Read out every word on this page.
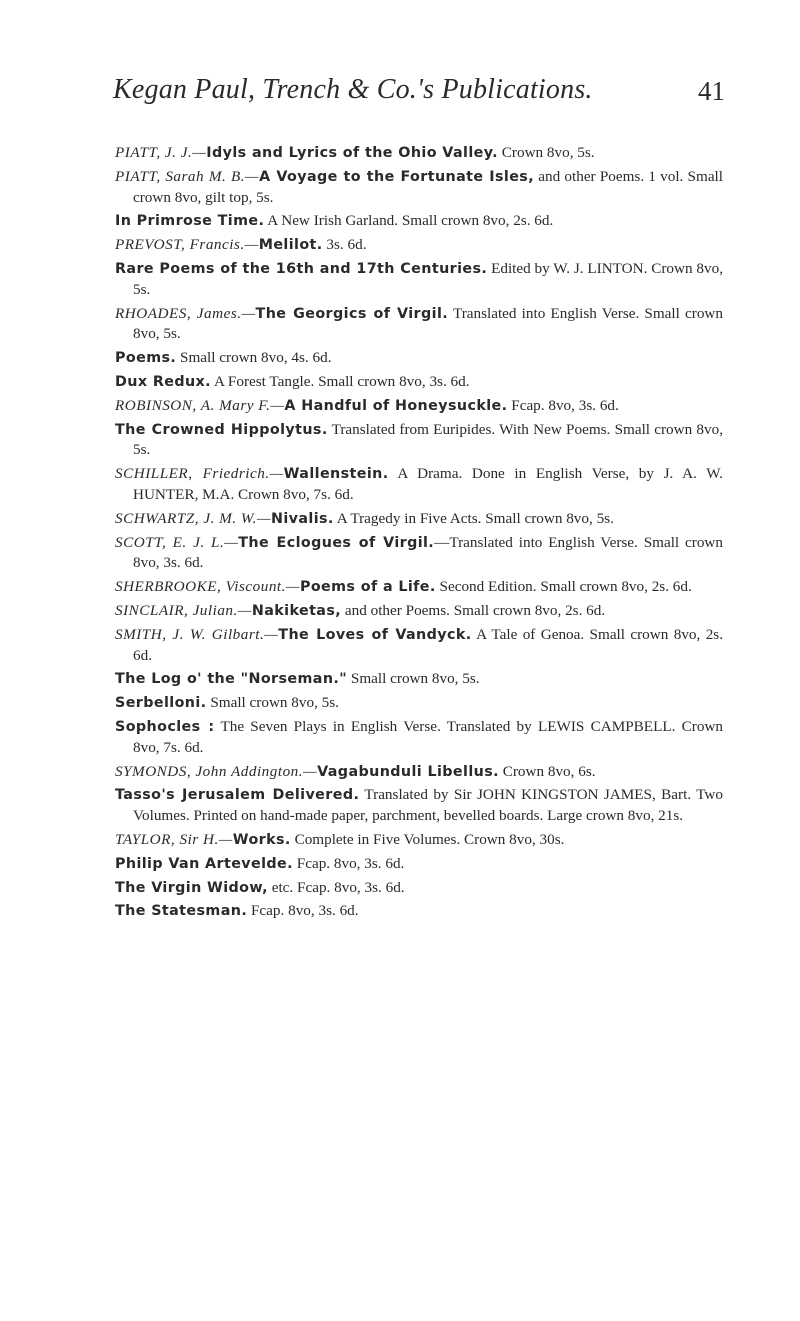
Kegan Paul, Trench & Co.'s Publications.	41

PIATT, J. J.—Idyls and Lyrics of the Ohio Valley. Crown 8vo, 5s.

PIATT, Sarah M. B.—A Voyage to the Fortunate Isles, and other Poems. 1 vol. Small crown 8vo, gilt top, 5s.

In Primrose Time. A New Irish Garland. Small crown 8vo, 2s. 6d.

PREVOST, Francis.—Melilot. 3s. 6d.

Rare Poems of the 16th and 17th Centuries. Edited by W. J. LINTON. Crown 8vo, 5s.

RHOADES, James.—The Georgics of Virgil. Translated into English Verse. Small crown 8vo, 5s.

Poems. Small crown 8vo, 4s. 6d.

Dux Redux. A Forest Tangle. Small crown 8vo, 3s. 6d.

ROBINSON, A. Mary F.—A Handful of Honeysuckle. Fcap. 8vo, 3s. 6d.

The Crowned Hippolytus. Translated from Euripides. With New Poems. Small crown 8vo, 5s.

SCHILLER, Friedrich.—Wallenstein. A Drama. Done in English Verse, by J. A. W. HUNTER, M.A. Crown 8vo, 7s. 6d.

SCHWARTZ, J. M. W.—Nivalis. A Tragedy in Five Acts. Small crown 8vo, 5s.

SCOTT, E. J. L.—The Eclogues of Virgil.—Translated into English Verse. Small crown 8vo, 3s. 6d.

SHERBROOKE, Viscount.—Poems of a Life. Second Edition. Small crown 8vo, 2s. 6d.

SINCLAIR, Julian.—Nakiketas, and other Poems. Small crown 8vo, 2s. 6d.

SMITH, J. W. Gilbart.—The Loves of Vandyck. A Tale of Genoa. Small crown 8vo, 2s. 6d.

The Log o' the "Norseman." Small crown 8vo, 5s.

Serbelloni. Small crown 8vo, 5s.

Sophocles : The Seven Plays in English Verse. Translated by LEWIS CAMPBELL. Crown 8vo, 7s. 6d.

SYMONDS, John Addington.—Vagabunduli Libellus. Crown 8vo, 6s.

Tasso's Jerusalem Delivered. Translated by Sir JOHN KINGSTON JAMES, Bart. Two Volumes. Printed on hand-made paper, parchment, bevelled boards. Large crown 8vo, 21s.

TAYLOR, Sir H.—Works. Complete in Five Volumes. Crown 8vo, 30s.

Philip Van Artevelde. Fcap. 8vo, 3s. 6d.

The Virgin Widow, etc. Fcap. 8vo, 3s. 6d.

The Statesman. Fcap. 8vo, 3s. 6d.
